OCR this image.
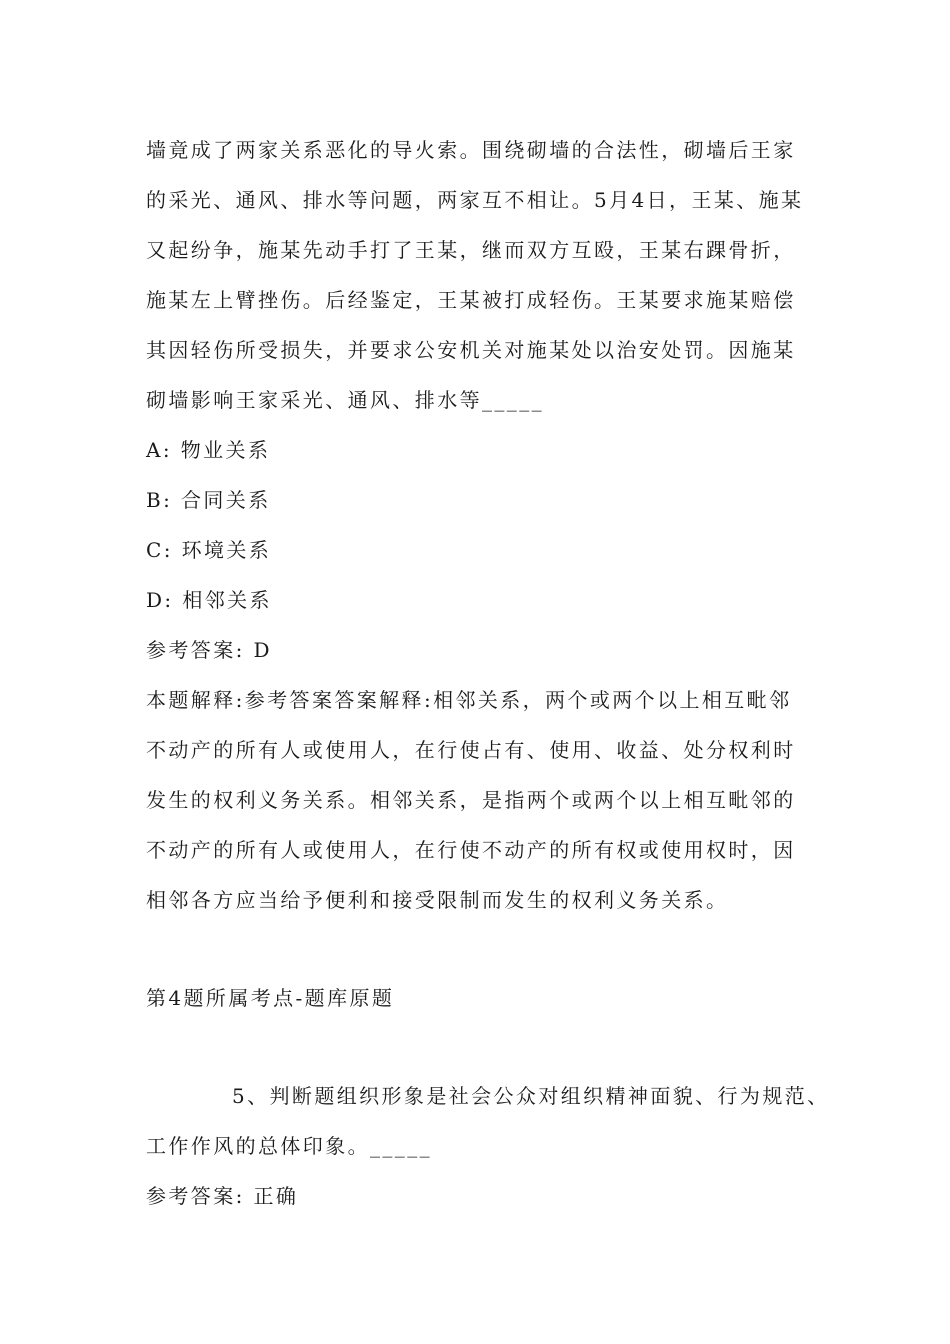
墙竟成了两家关系恶化的导火索。围绕砌墙的合法性，砌墙后王家
的采光、通风、排水等问题，两家互不相让。5月4日，王某、施某
又起纷争，施某先动手打了王某，继而双方互殴，王某右踝骨折，
施某左上臂挫伤。后经鉴定，王某被打成轻伤。王某要求施某赔偿
其因轻伤所受损失，并要求公安机关对施某处以治安处罚。因施某
砌墙影响王家采光、通风、排水等_____
A: 物业关系
B: 合同关系
C: 环境关系
D: 相邻关系
参考答案: D
本题解释:参考答案答案解释:相邻关系，两个或两个以上相互毗邻
不动产的所有人或使用人，在行使占有、使用、收益、处分权利时
发生的权利义务关系。相邻关系，是指两个或两个以上相互毗邻的
不动产的所有人或使用人，在行使不动产的所有权或使用权时，因
相邻各方应当给予便利和接受限制而发生的权利义务关系。
第4题所属考点-题库原题
5、判断题组织形象是社会公众对组织精神面貌、行为规范、
工作作风的总体印象。_____
参考答案: 正确
